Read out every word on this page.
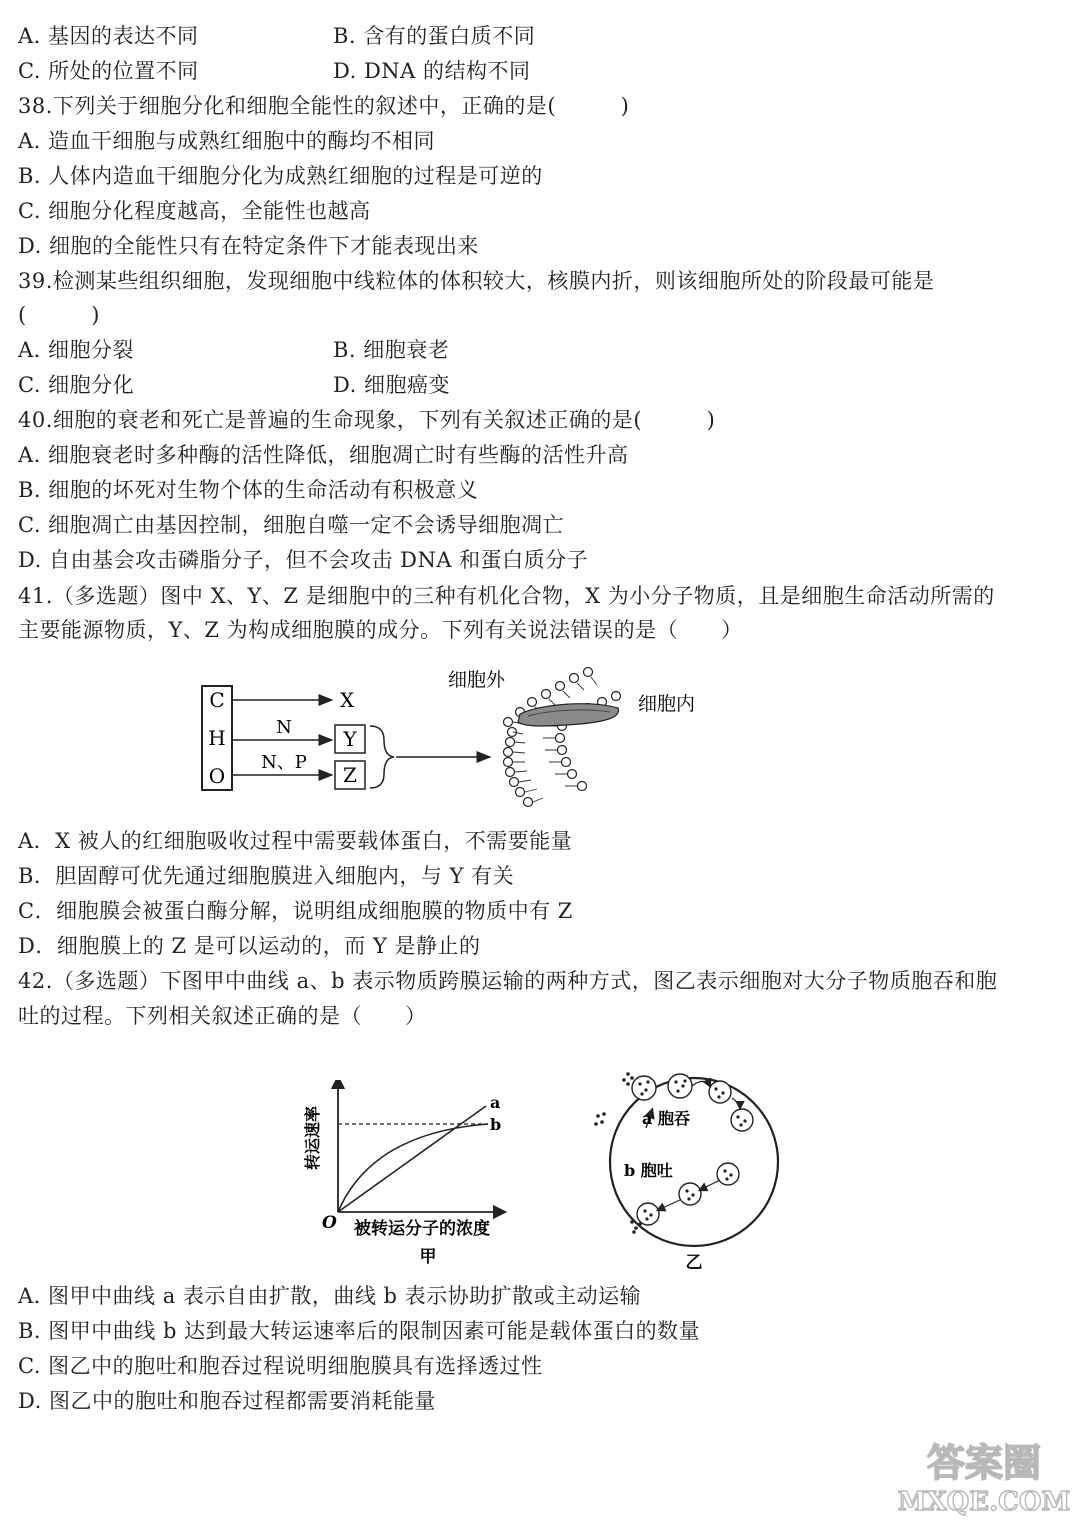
A. 基因的表达不同	B. 含有的蛋白质不同
C. 所处的位置不同	D. DNA 的结构不同
38.下列关于细胞分化和细胞全能性的叙述中，正确的是(　　　)
A. 造血干细胞与成熟红细胞中的酶均不相同
B. 人体内造血干细胞分化为成熟红细胞的过程是可逆的
C. 细胞分化程度越高，全能性也越高
D. 细胞的全能性只有在特定条件下才能表现出来
39.检测某些组织细胞，发现细胞中线粒体的体积较大，核膜内折，则该细胞所处的阶段最可能是
(　　　)
A. 细胞分裂	B. 细胞衰老
C. 细胞分化	D. 细胞癌变
40.细胞的衰老和死亡是普遍的生命现象，下列有关叙述正确的是(　　　)
A. 细胞衰老时多种酶的活性降低，细胞凋亡时有些酶的活性升高
B. 细胞的坏死对生物个体的生命活动有积极意义
C. 细胞凋亡由基因控制，细胞自噬一定不会诱导细胞凋亡
D. 自由基会攻击磷脂分子，但不会攻击 DNA 和蛋白质分子
41.（多选题）图中 X、Y、Z 是细胞中的三种有机化合物，X 为小分子物质，且是细胞生命活动所需的
主要能源物质，Y、Z 为构成细胞膜的成分。下列有关说法错误的是（　　）
C
H
O
X
N	Y
N、P
Z
细胞外
细胞内
A．X 被人的红细胞吸收过程中需要载体蛋白，不需要能量
B．胆固醇可优先通过细胞膜进入细胞内，与 Y 有关
C．细胞膜会被蛋白酶分解，说明组成细胞膜的物质中有 Z
D．细胞膜上的 Z 是可以运动的，而 Y 是静止的
42.（多选题）下图甲中曲线 a、b 表示物质跨膜运输的两种方式，图乙表示细胞对大分子物质胞吞和胞
吐的过程。下列相关叙述正确的是（　　）
转运速率
O
a
b
被转运分子的浓度
甲
a 胞吞
b 胞吐
乙
A. 图甲中曲线 a 表示自由扩散，曲线 b 表示协助扩散或主动运输
B. 图甲中曲线 b 达到最大转运速率后的限制因素可能是载体蛋白的数量
C. 图乙中的胞吐和胞吞过程说明细胞膜具有选择透过性
D. 图乙中的胞吐和胞吞过程都需要消耗能量
答案圈
MXQE.COM
